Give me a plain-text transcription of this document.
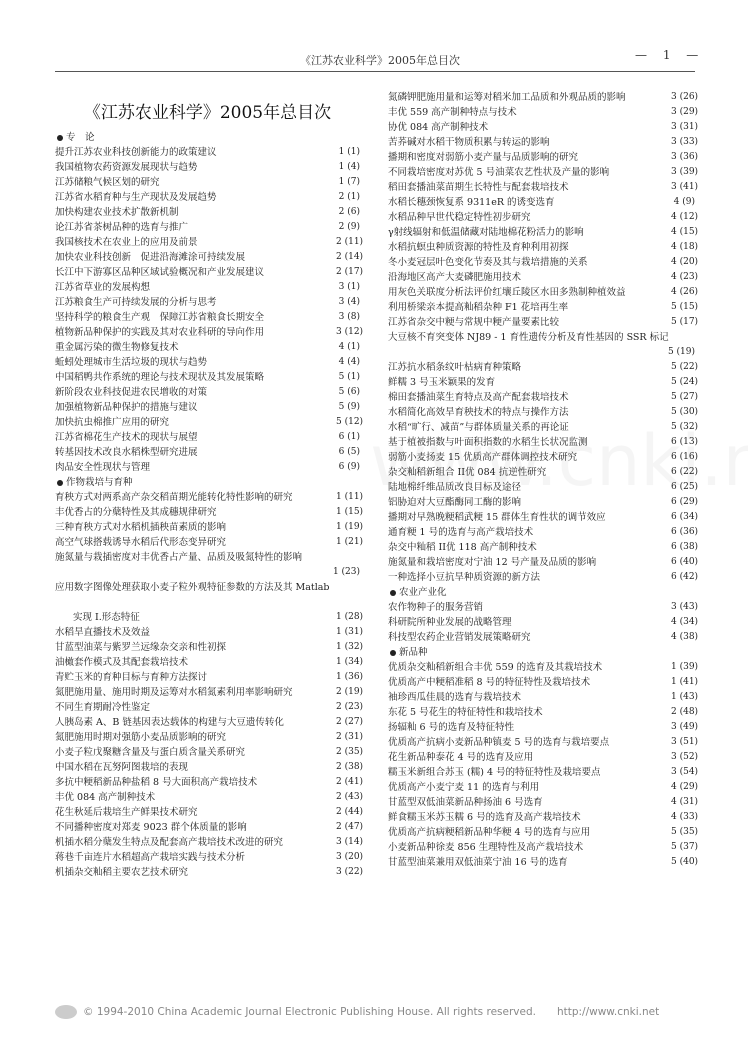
《江苏农业科学》2005年总目次	— 1 —
《江苏农业科学》2005年总目次
专　论
提升江苏农业科技创新能力的政策建议	1 (1)
我国植物农药资源发展现状与趋势	1 (4)
江苏储粮气候区划的研究	1 (7)
江苏省水稻育种与生产现状及发展趋势	2 (1)
加快构建农业技术扩散新机制	2 (6)
论江苏省茶树品种的选育与推广	2 (9)
我国核技术在农业上的应用及前景	2 (11)
加快农业科技创新　促进沿海滩涂可持续发展	2 (14)
长江中下游寡区品种区域试验概况和产业发展建议	2 (17)
江苏省草业的发展构想	3 (1)
江苏粮食生产可持续发展的分析与思考	3 (4)
坚持科学的粮食生产观　保障江苏省粮食长期安全	3 (8)
植物新品种保护的实践及其对农业科研的导向作用	3 (12)
重金属污染的微生物修复技术	4 (1)
蚯蚓处理城市生活垃圾的现状与趋势	4 (4)
中国稻鸭共作系统的理论与技术现状及其发展策略	5 (1)
新阶段农业科技促进农民增收的对策	5 (6)
加强植物新品种保护的措施与建议	5 (9)
加快抗虫棉推广应用的研究	5 (12)
江苏省棉花生产技术的现状与展望	6 (1)
转基因技术改良水稻株型研究进展	6 (5)
肉品安全性现状与管理	6 (9)
作物栽培与育种
育秧方式对两系高产杂交稻苗期光能转化特性影响的研究	1 (11)
丰优香占的分蘖特性及其成穗规律研究	1 (15)
三种育秧方式对水稻机插秧苗素质的影响	1 (19)
高空气球搭载诱导水稻后代形态变异研究	1 (21)
施氮量与栽插密度对丰优香占产量、品质及吸氮特性的影响
1 (23)
应用数字图像处理获取小麦子粒外观特征参数的方法及其 Matlab
实现 Ⅰ.形态特征	1 (28)
水稻旱直播技术及效益	1 (31)
甘蓝型油菜与紫罗兰远缘杂交亲和性初探	1 (32)
油橄套作模式及其配套栽培技术	1 (34)
青贮玉米的育种目标与育种方法探讨	1 (36)
氮肥施用量、施用时期及运筹对水稻氮素利用率影响研究	2 (19)
不同生育期耐冷性鉴定	2 (23)
人胰岛素 A、B 链基因表达载体的构建与大豆遗传转化	2 (27)
氮肥施用时期对强筋小麦品质影响的研究	2 (31)
小麦子粒戊聚糖含量及与蛋白质含量关系研究	2 (35)
中国水稻在瓦努阿图栽培的表现	2 (38)
多抗中粳稻新品种盐稻 8 号大面积高产栽培技术	2 (41)
丰优 084 高产制种技术	2 (43)
花生秋延后栽培生产鲜果技术研究	2 (44)
不同播种密度对郑麦 9023 群个体质量的影响	2 (47)
机插水稻分蘖发生特点及配套高产栽培技术改进的研究	3 (14)
蒋巷千亩连片水稻超高产栽培实践与技术分析	3 (20)
机插杂交籼稻主要农艺技术研究	3 (22)
氮磷钾肥施用量和运筹对稻米加工品质和外观品质的影响	3 (26)
丰优 559 高产制种特点与技术	3 (29)
协优 084 高产制种技术	3 (31)
苦荞碱对水稻干物质积累与转运的影响	3 (33)
播期和密度对弱筋小麦产量与品质影响的研究	3 (36)
不同栽培密度对苏优 5 号油菜农艺性状及产量的影响	3 (39)
稻田套播油菜苗期生长特性与配套栽培技术	3 (41)
水稻长穗颈恢复系 9311eR 的诱变选育	4 (9)
水稻品种早世代稳定特性初步研究	4 (12)
γ射线辐射和低温储藏对陆地棉花粉活力的影响	4 (15)
水稻抗螟虫种质资源的特性及育种利用初探	4 (18)
冬小麦冠层叶色变化节奏及其与栽培措施的关系	4 (20)
沿海地区高产大麦磷肥施用技术	4 (23)
用灰色关联度分析法评价红壤丘陵区水田多熟制种植效益	4 (26)
利用桥梁亲本提高籼稻杂种 F1 花培再生率	5 (15)
江苏省杂交中粳与常规中粳产量要素比较	5 (17)
大豆核不育突变体 NJ89 - 1 育性遗传分析及育性基因的 SSR 标记
5 (19)
江苏抗水稻条纹叶枯病育种策略	5 (22)
鲜糯 3 号玉米颖果的发育	5 (24)
棉田套播油菜生育特点及高产配套栽培技术	5 (27)
水稻简化高效旱育秧技术的特点与操作方法	5 (30)
水稻“旷行、减苗”与群体质量关系的再论证	5 (32)
基于植被指数与叶面积指数的水稻生长状况监测	6 (13)
弱筋小麦扬麦 15 优质高产群体调控技术研究	6 (16)
杂交籼稻新组合 II优 084 抗逆性研究	6 (22)
陆地棉纤维品质改良目标及途径	6 (25)
铝胁迫对大豆酯酶同工酶的影响	6 (29)
播期对早熟晚粳稻武粳 15 群体生育性状的调节效应	6 (34)
通育粳 1 号的选育与高产栽培技术	6 (36)
杂交中籼稻 II优 118 高产制种技术	6 (38)
施氮量和栽培密度对宁油 12 号产量及品质的影响	6 (40)
一种选择小豆抗旱种质资源的新方法	6 (42)
农业产业化
农作物种子的服务营销	3 (43)
科研院所种业发展的战略管理	4 (34)
科技型农药企业营销发展策略研究	4 (38)
新品种
优质杂交籼稻新组合丰优 559 的选育及其栽培技术	1 (39)
优质高产中粳稻准稻 8 号的特征特性及栽培技术	1 (41)
袖珍西瓜佳晨的选育与栽培技术	1 (43)
东花 5 号花生的特征特性和栽培技术	2 (48)
扬辐籼 6 号的选育及特征特性	3 (49)
优质高产抗病小麦新品种镇麦 5 号的选育与栽培要点	3 (51)
花生新品种泰花 4 号的选育及应用	3 (52)
糯玉米新组合苏玉 (糯) 4 号的特征特性及栽培要点	3 (54)
优质高产小麦宁麦 11 的选育与利用	4 (29)
甘蓝型双低油菜新品种扬油 6 号选育	4 (31)
鲜食糯玉米苏玉糯 6 号的选育及高产栽培技术	4 (33)
优质高产抗病粳稻新品种华粳 4 号的选育与应用	5 (35)
小麦新品种徐麦 856 生理特性及高产栽培技术	5 (37)
甘蓝型油菜兼用双低油菜宁油 16 号的选育	5 (40)
© 1994-2010 China Academic Journal Electronic Publishing House. All rights reserved.　　http://www.cnki.net
